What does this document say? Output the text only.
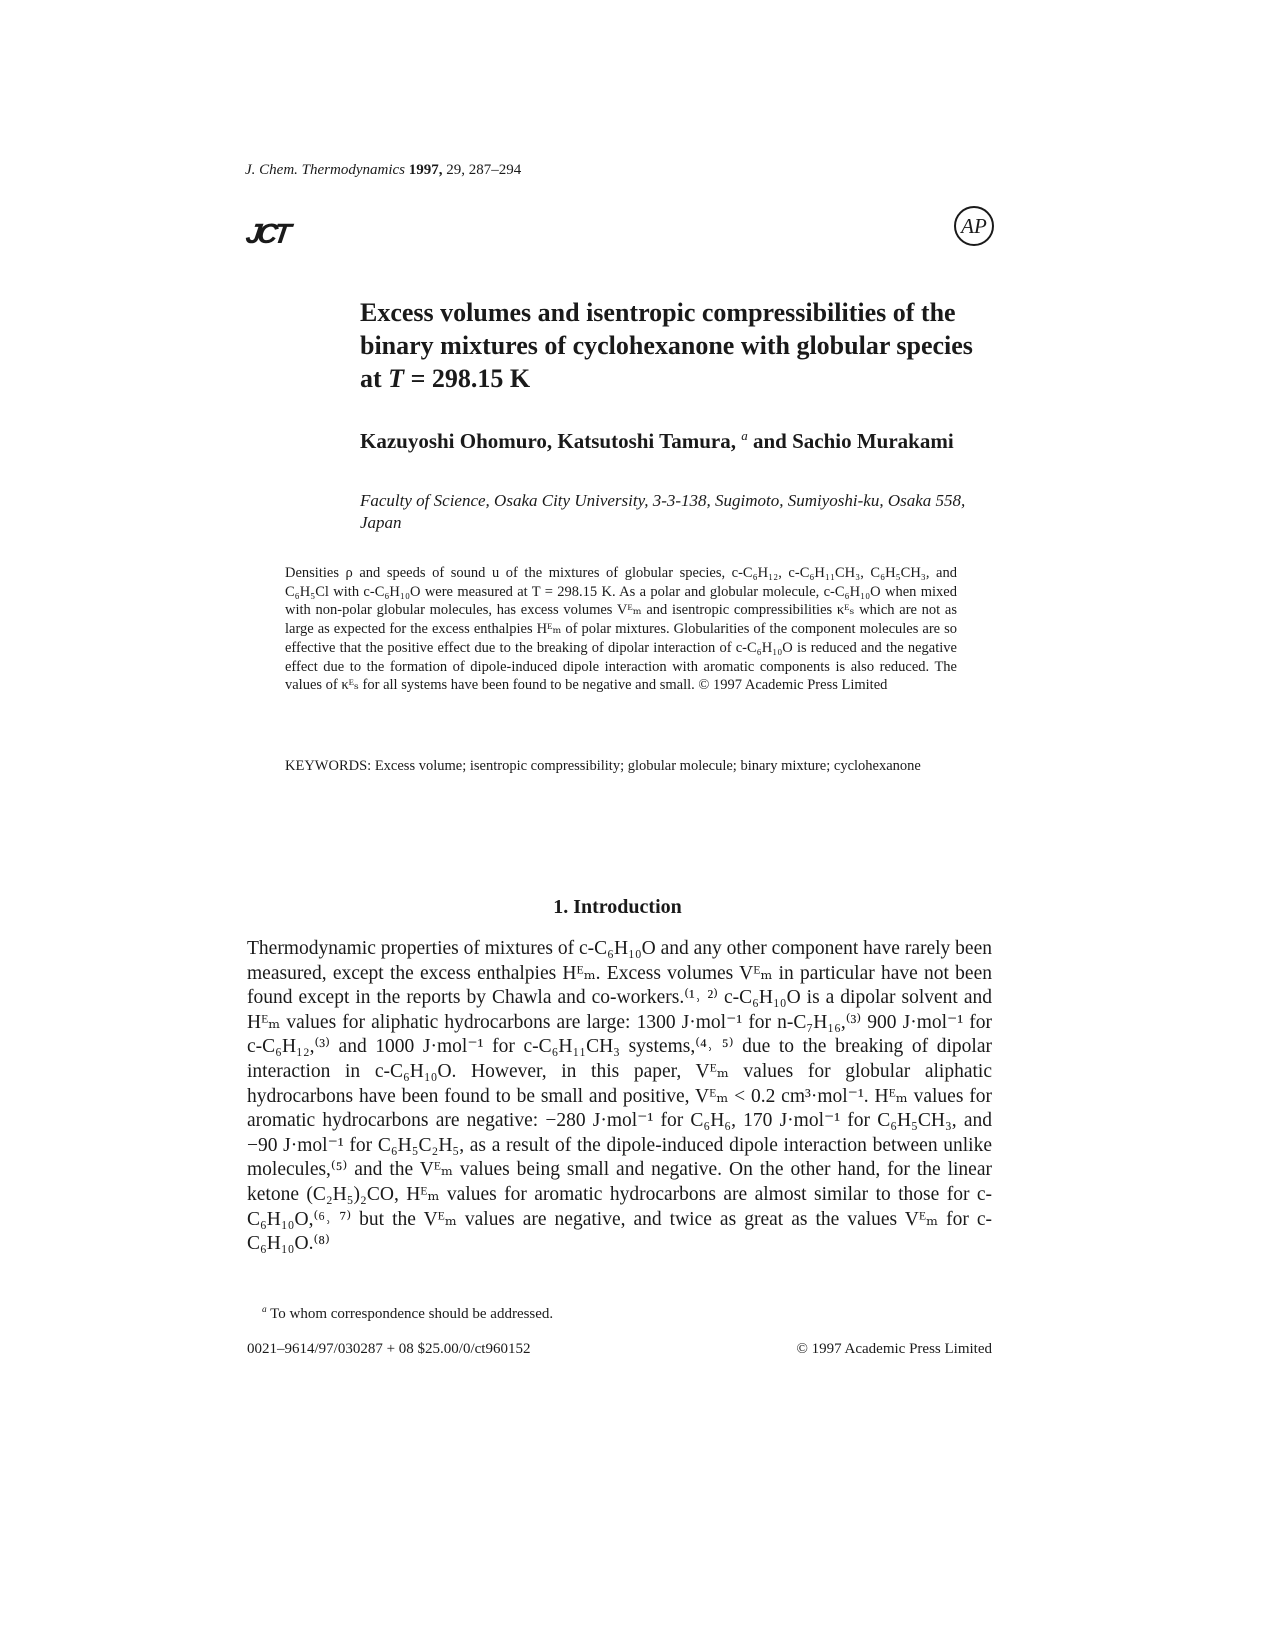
J. Chem. Thermodynamics 1997, 29, 287–294
JCT	AP
Excess volumes and isentropic compressibilities of the binary mixtures of cyclohexanone with globular species at T = 298.15 K
Kazuyoshi Ohomuro, Katsutoshi Tamura, $^a$ and Sachio Murakami
Faculty of Science, Osaka City University, 3-3-138, Sugimoto, Sumiyoshi-ku, Osaka 558, Japan
Densities ρ and speeds of sound u of the mixtures of globular species, c-C₆H₁₂, c-C₆H₁₁CH₃, C₆H₅CH₃, and C₆H₅Cl with c-C₆H₁₀O were measured at T = 298.15 K. As a polar and globular molecule, c-C₆H₁₀O when mixed with non-polar globular molecules, has excess volumes Vᴱₘ and isentropic compressibilities κᴱₛ which are not as large as expected for the excess enthalpies Hᴱₘ of polar mixtures. Globularities of the component molecules are so effective that the positive effect due to the breaking of dipolar interaction of c-C₆H₁₀O is reduced and the negative effect due to the formation of dipole-induced dipole interaction with aromatic components is also reduced. The values of κᴱₛ for all systems have been found to be negative and small. © 1997 Academic Press Limited
KEYWORDS: Excess volume; isentropic compressibility; globular molecule; binary mixture; cyclohexanone
1. Introduction
Thermodynamic properties of mixtures of c-C₆H₁₀O and any other component have rarely been measured, except the excess enthalpies Hᴱₘ. Excess volumes Vᴱₘ in particular have not been found except in the reports by Chawla and co-workers.⁽¹˒ ²⁾ c-C₆H₁₀O is a dipolar solvent and Hᴱₘ values for aliphatic hydrocarbons are large: 1300 J·mol⁻¹ for n-C₇H₁₆,⁽³⁾ 900 J·mol⁻¹ for c-C₆H₁₂,⁽³⁾ and 1000 J·mol⁻¹ for c-C₆H₁₁CH₃ systems,⁽⁴˒ ⁵⁾ due to the breaking of dipolar interaction in c-C₆H₁₀O. However, in this paper, Vᴱₘ values for globular aliphatic hydrocarbons have been found to be small and positive, Vᴱₘ < 0.2 cm³·mol⁻¹. Hᴱₘ values for aromatic hydrocarbons are negative: −280 J·mol⁻¹ for C₆H₆, 170 J·mol⁻¹ for C₆H₅CH₃, and −90 J·mol⁻¹ for C₆H₅C₂H₅, as a result of the dipole-induced dipole interaction between unlike molecules,⁽⁵⁾ and the Vᴱₘ values being small and negative. On the other hand, for the linear ketone (C₂H₅)₂CO, Hᴱₘ values for aromatic hydrocarbons are almost similar to those for c-C₆H₁₀O,⁽⁶˒ ⁷⁾ but the Vᴱₘ values are negative, and twice as great as the values Vᴱₘ for c-C₆H₁₀O.⁽⁸⁾
$^a$ To whom correspondence should be addressed.
0021–9614/97/030287 + 08 $25.00/0/ct960152	© 1997 Academic Press Limited
